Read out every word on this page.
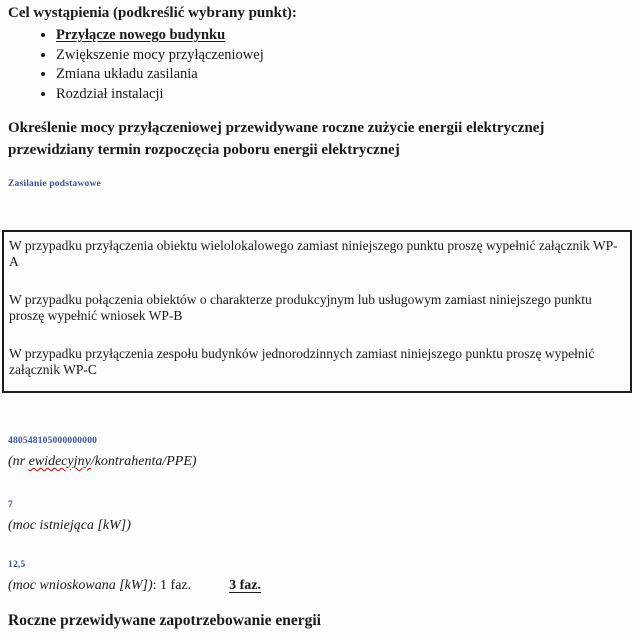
Cel wystąpienia (podkreślić wybrany punkt):
• Przyłącze nowego budynku
• Zwiększenie mocy przyłączeniowej
• Zmiana układu zasilania
• Rozdział instalacji
Określenie mocy przyłączeniowej przewidywane roczne zużycie energii elektrycznej przewidziany termin rozpoczęcia poboru energii elektrycznej
Zasilanie podstawowe

W przypadku przyłączenia obiektu wielolokalowego zamiast niniejszego punktu proszę wypełnić załącznik WP-A

W przypadku połączenia obiektów o charakterze produkcyjnym lub usługowym zamiast niniejszego punktu proszę wypełnić wniosek WP-B

W przypadku przyłączenia zespołu budynków jednorodzinnych zamiast niniejszego punktu proszę wypełnić załącznik WP-C

480548105000000000
(nr ewidecyjny/kontrahenta/PPE)
7
(moc istniejąca [kW])
12,5
(moc wnioskowana [kW]): 1 faz.	3 faz.
Roczne przewidywane zapotrzebowanie energii
